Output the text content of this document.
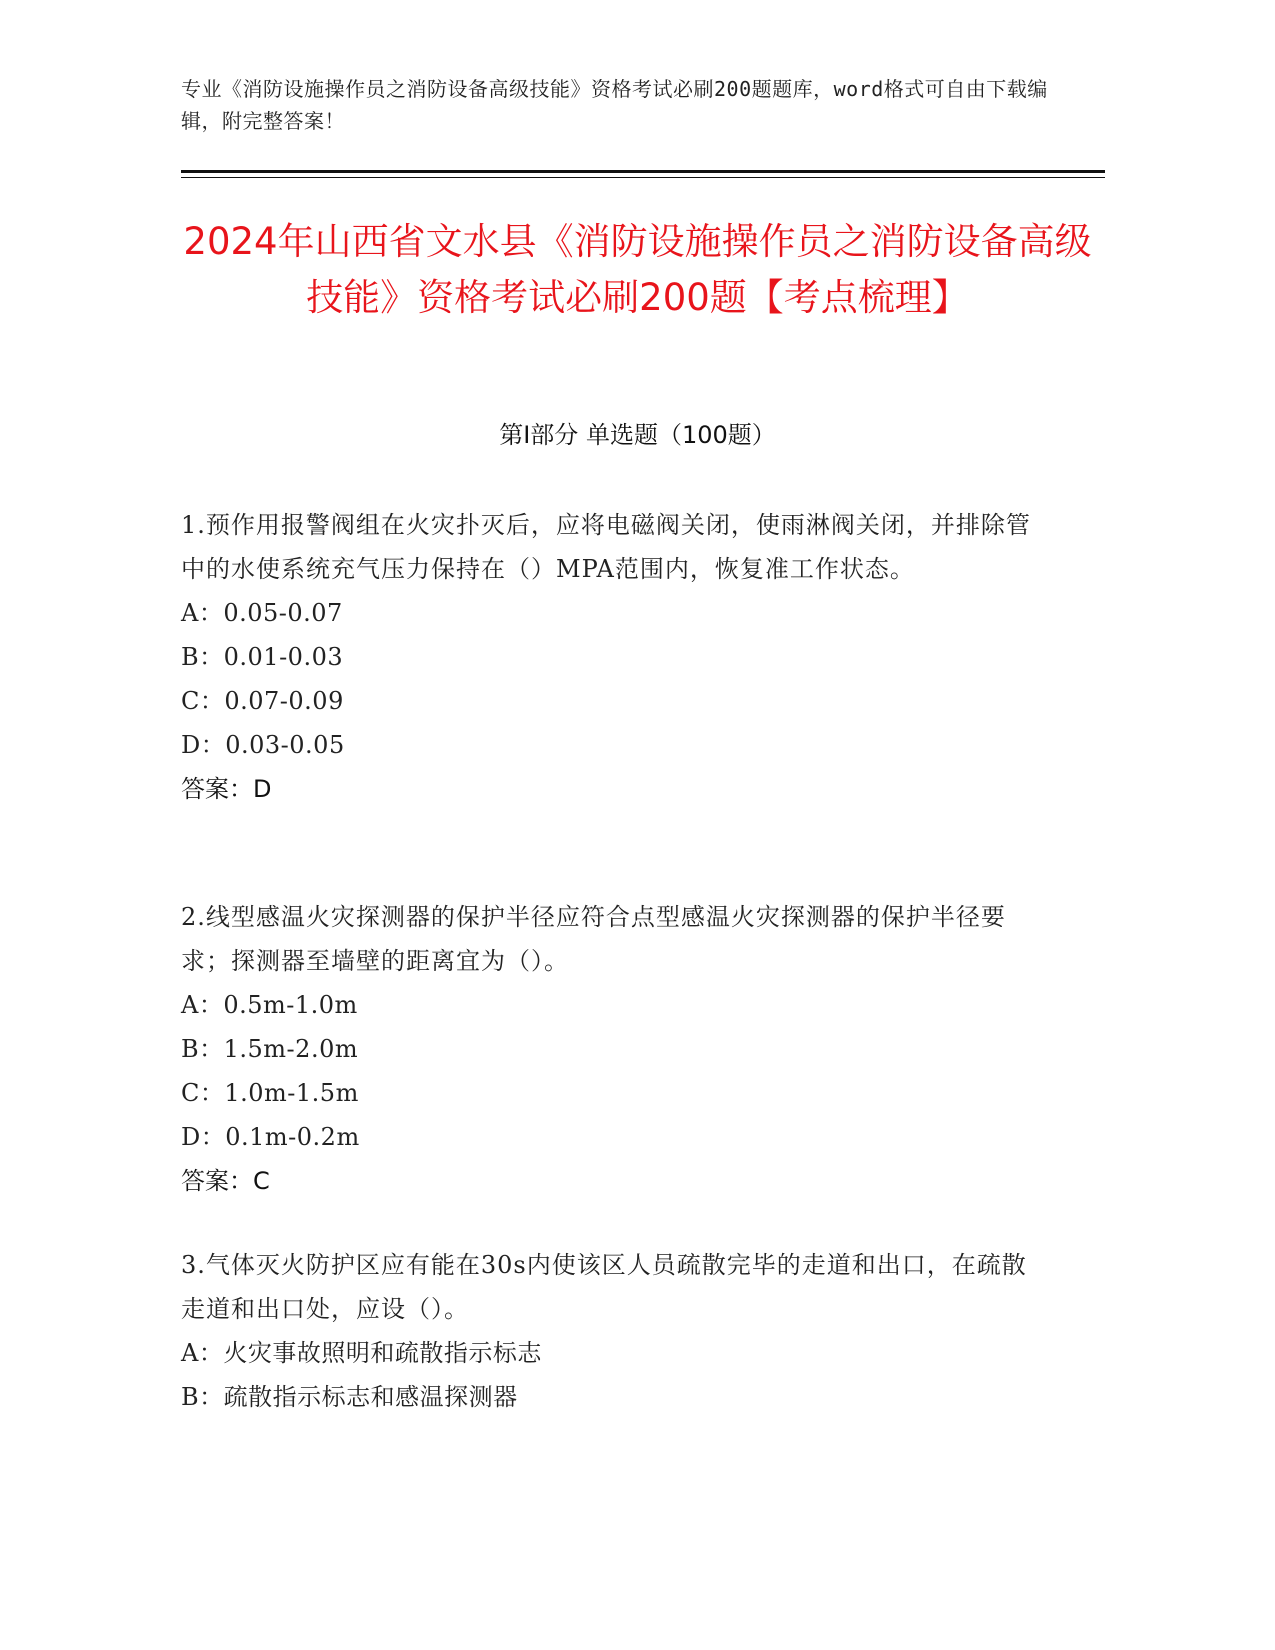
专业《消防设施操作员之消防设备高级技能》资格考试必刷200题题库，word格式可自由下载编辑，附完整答案！
2024年山西省文水县《消防设施操作员之消防设备高级技能》资格考试必刷200题【考点梳理】
第Ⅰ部分 单选题（100题）
1.预作用报警阀组在火灾扑灭后，应将电磁阀关闭，使雨淋阀关闭，并排除管中的水使系统充气压力保持在（）MPA范围内，恢复准工作状态。
A：0.05-0.07
B：0.01-0.03
C：0.07-0.09
D：0.03-0.05
答案：D
2.线型感温火灾探测器的保护半径应符合点型感温火灾探测器的保护半径要求；探测器至墙壁的距离宜为（）。
A：0.5m-1.0m
B：1.5m-2.0m
C：1.0m-1.5m
D：0.1m-0.2m
答案：C
3.气体灭火防护区应有能在30s内使该区人员疏散完毕的走道和出口，在疏散走道和出口处，应设（）。
A：火灾事故照明和疏散指示标志
B：疏散指示标志和感温探测器
